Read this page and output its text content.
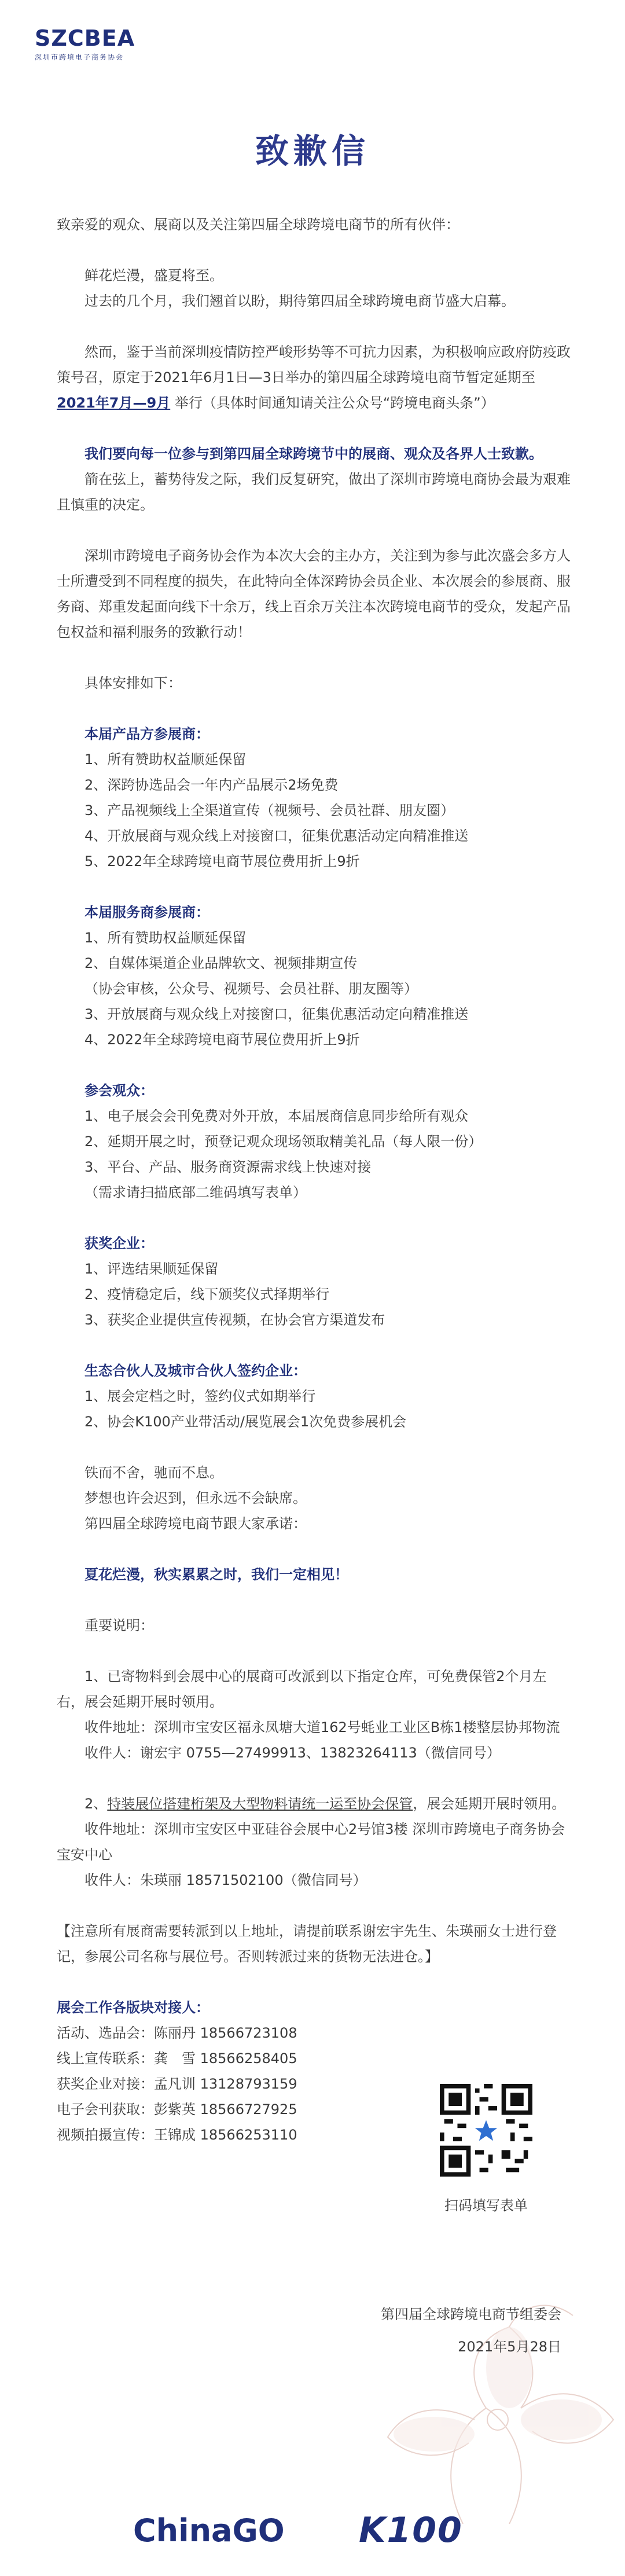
SZCBEA
深圳市跨境电子商务协会
致歉信

致亲爱的观众、展商以及关注第四届全球跨境电商节的所有伙伴：

鲜花烂漫，盛夏将至。

过去的几个月，我们翘首以盼，期待第四届全球跨境电商节盛大启幕。

然而，鉴于当前深圳疫情防控严峻形势等不可抗力因素，为积极响应政府防疫政策号召，原定于2021年6月1日—3日举办的第四届全球跨境电商节暂定延期至 2021年7月—9月 举行（具体时间通知请关注公众号“跨境电商头条”）

我们要向每一位参与到第四届全球跨境节中的展商、观众及各界人士致歉。

箭在弦上，蓄势待发之际，我们反复研究，做出了深圳市跨境电商协会最为艰难且慎重的决定。

深圳市跨境电子商务协会作为本次大会的主办方，关注到为参与此次盛会多方人士所遭受到不同程度的损失，在此特向全体深跨协会员企业、本次展会的参展商、服务商、郑重发起面向线下十余万，线上百余万关注本次跨境电商节的受众，发起产品包权益和福利服务的致歉行动！

具体安排如下：

本届产品方参展商：

1、所有赞助权益顺延保留

2、深跨协选品会一年内产品展示2场免费

3、产品视频线上全渠道宣传（视频号、会员社群、朋友圈）

4、开放展商与观众线上对接窗口，征集优惠活动定向精准推送

5、2022年全球跨境电商节展位费用折上9折

本届服务商参展商：

1、所有赞助权益顺延保留

2、自媒体渠道企业品牌软文、视频排期宣传

（协会审核，公众号、视频号、会员社群、朋友圈等）

3、开放展商与观众线上对接窗口，征集优惠活动定向精准推送

4、2022年全球跨境电商节展位费用折上9折

参会观众：

1、电子展会会刊免费对外开放，本届展商信息同步给所有观众

2、延期开展之时，预登记观众现场领取精美礼品（每人限一份）

3、平台、产品、服务商资源需求线上快速对接

（需求请扫描底部二维码填写表单）

获奖企业：

1、评选结果顺延保留

2、疫情稳定后，线下颁奖仪式择期举行

3、获奖企业提供宣传视频，在协会官方渠道发布

生态合伙人及城市合伙人签约企业：

1、展会定档之时，签约仪式如期举行

2、协会K100产业带活动/展览展会1次免费参展机会

铁而不舍，驰而不息。

梦想也许会迟到，但永远不会缺席。

第四届全球跨境电商节跟大家承诺：

夏花烂漫，秋实累累之时，我们一定相见！

重要说明：

1、已寄物料到会展中心的展商可改派到以下指定仓库，可免费保管2个月左右，展会延期开展时领用。

收件地址：深圳市宝安区福永凤塘大道162号蚝业工业区B栋1楼整层协邦物流

收件人：谢宏宇 0755—27499913、13823264113（微信同号）

2、特装展位搭建桁架及大型物料请统一运至协会保管，展会延期开展时领用。

收件地址：深圳市宝安区中亚硅谷会展中心2号馆3楼 深圳市跨境电子商务协会宝安中心

收件人：朱瑛丽 18571502100（微信同号）

【注意所有展商需要转派到以上地址，请提前联系谢宏宇先生、朱瑛丽女士进行登记，参展公司名称与展位号。否则转派过来的货物无法进仓。】

展会工作各版块对接人：

活动、选品会：陈丽丹 18566723108

线上宣传联系：龚　雪 18566258405

获奖企业对接：孟凡训 13128793159

电子会刊获取：彭紫英 18566727925

视频拍摄宣传：王锦成 18566253110

扫码填写表单
第四届全球跨境电商节组委会
2021年5月28日
ChinaGO K100
